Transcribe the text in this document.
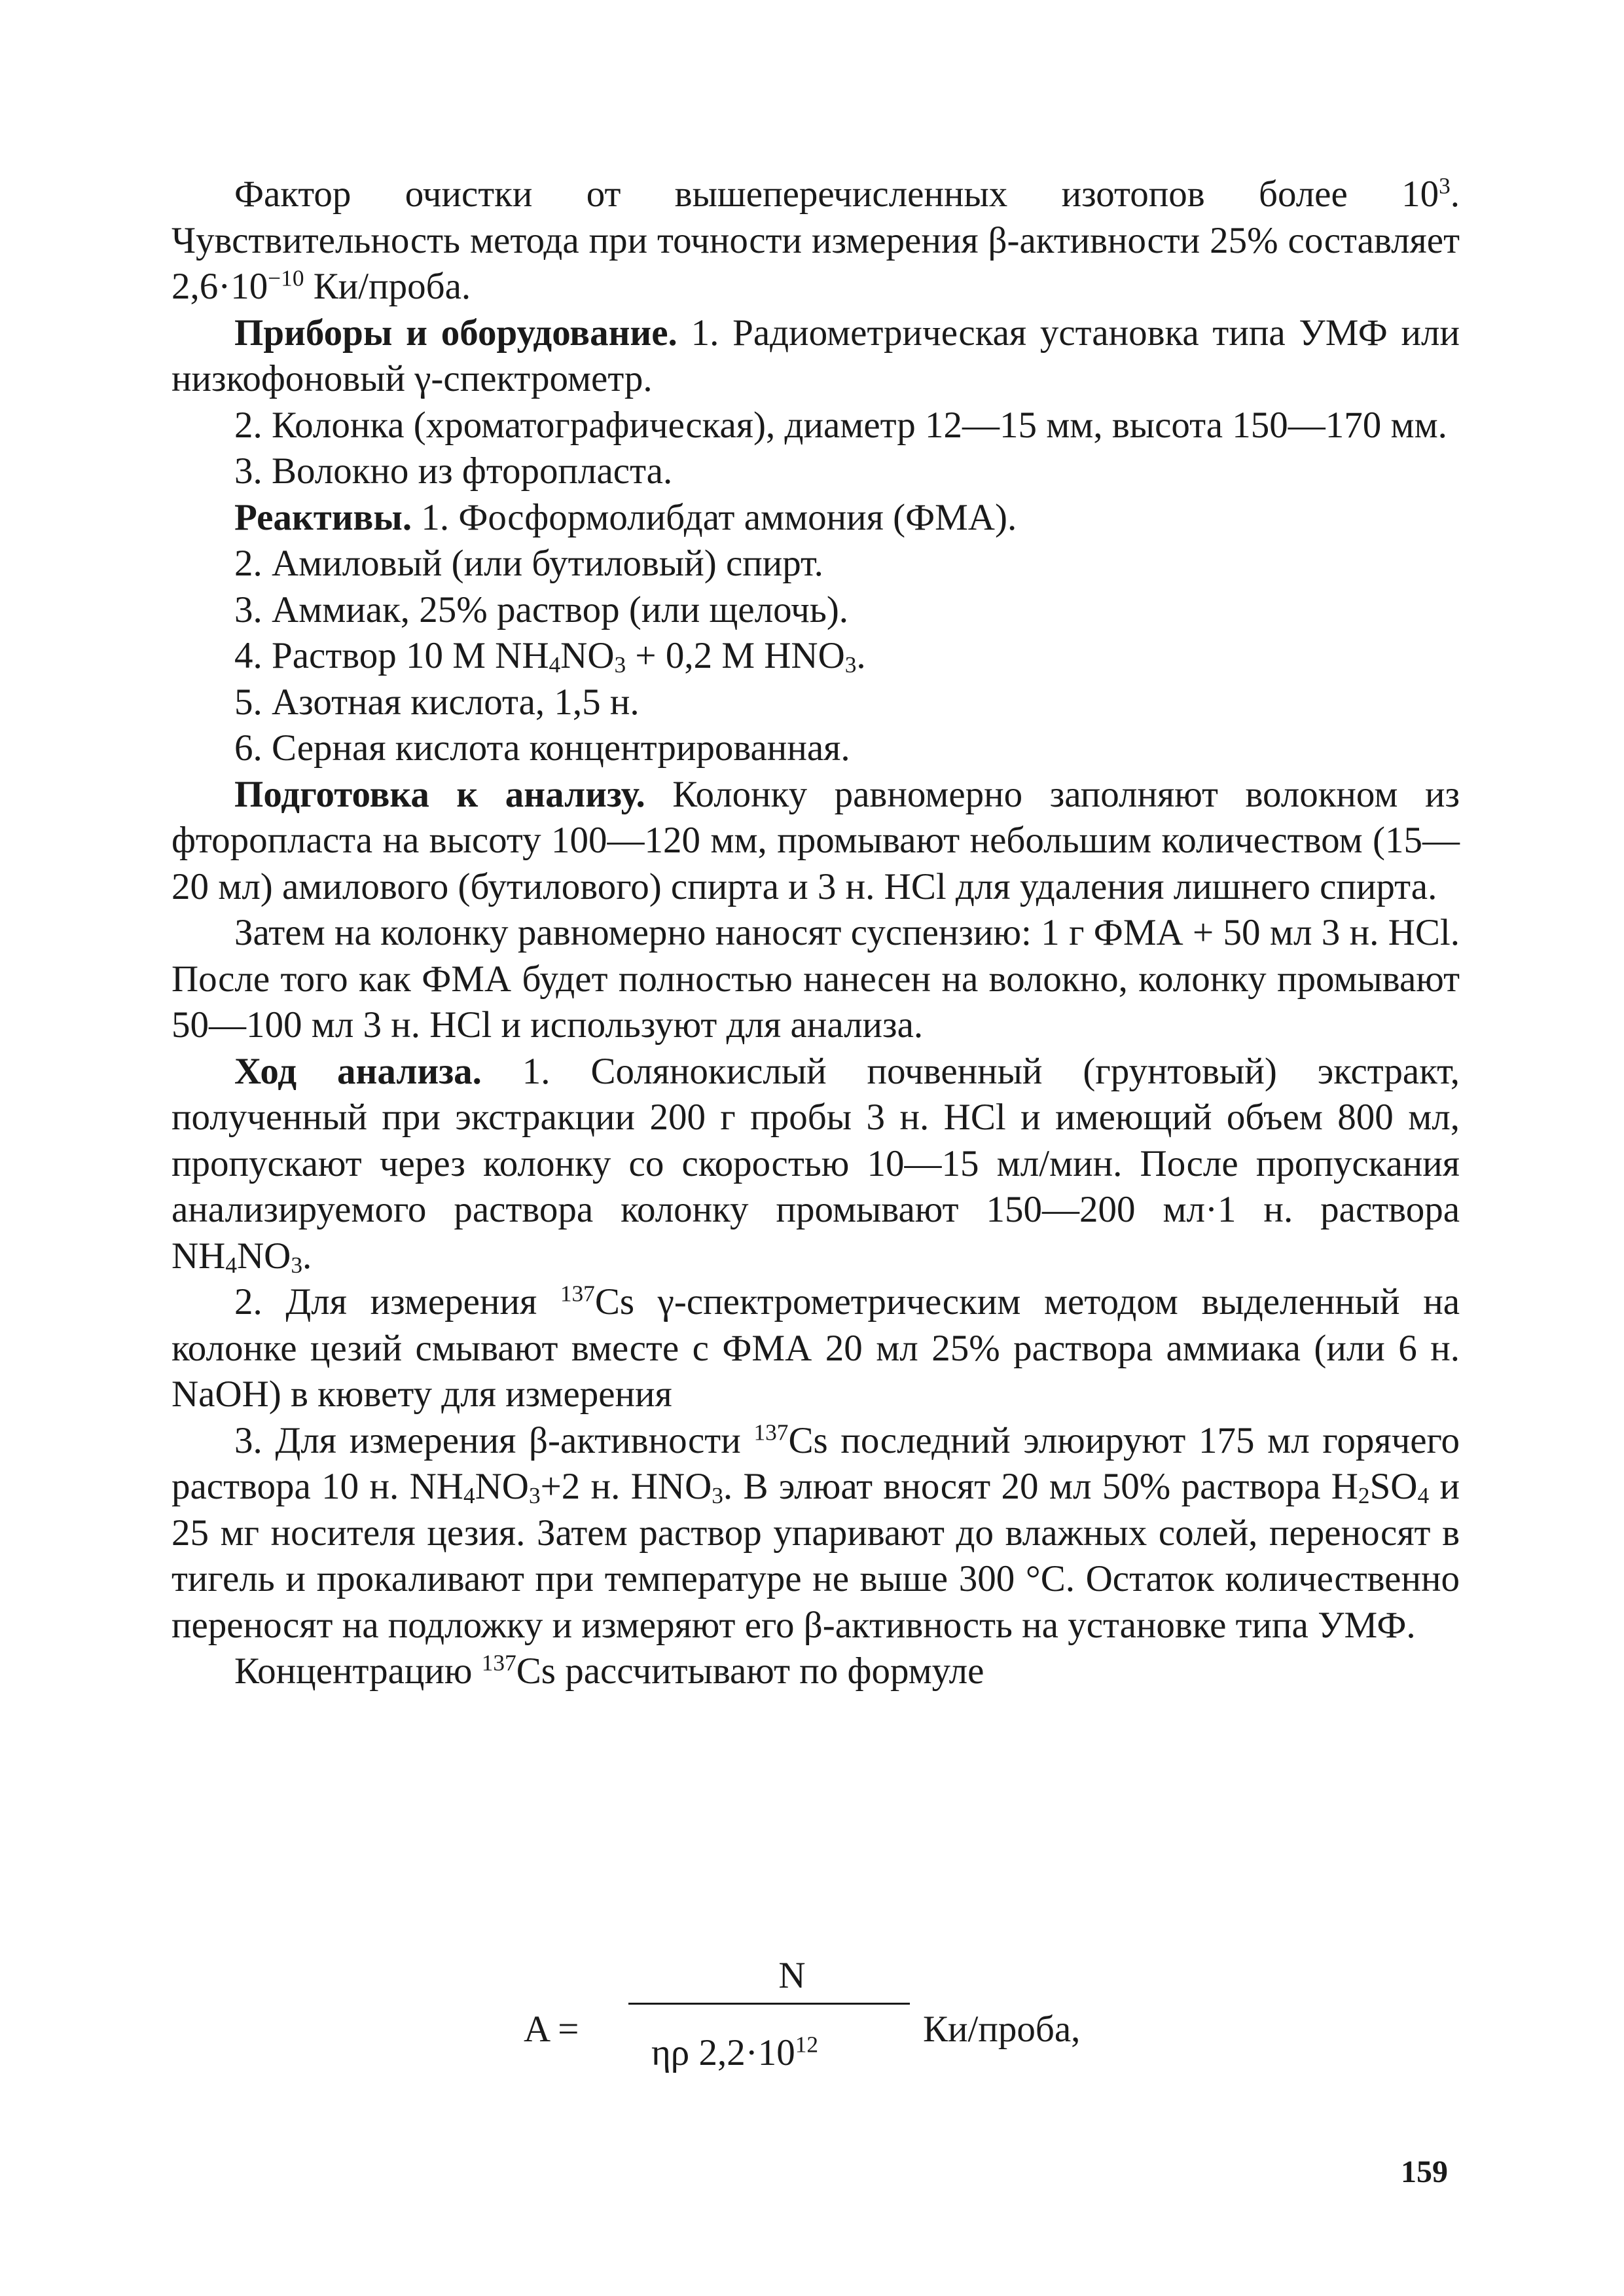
Фактор очистки от вышеперечисленных изотопов более $10^3$. Чувствительность метода при точности измерения β-активности 25% составляет $2,6\cdot 10^{-10}$ Ки/проба.

Приборы и оборудование. 1. Радиометрическая установка типа УМФ или низкофоновый γ-спектрометр.

2. Колонка (хроматографическая), диаметр 12—15 мм, высота 150—170 мм.

3. Волокно из фторопласта.

Реактивы. 1. Фосформолибдат аммония (ФМА).

2. Амиловый (или бутиловый) спирт.
3. Аммиак, 25% раствор (или щелочь).
4. Раствор 10 М $NH_4NO_3 + 0,2$ М $HNO_3$.
5. Азотная кислота, 1,5 н.
6. Серная кислота концентрированная.

Подготовка к анализу. Колонку равномерно заполняют волокном из фторопласта на высоту 100—120 мм, промывают небольшим количеством (15—20 мл) амилового (бутилового) спирта и 3 н. HCl для удаления лишнего спирта.

Затем на колонку равномерно наносят суспензию: 1 г ФМА + 50 мл 3 н. HCl. После того как ФМА будет полностью нанесен на волокно, колонку промывают 50—100 мл 3 н. HCl и используют для анализа.

Ход анализа. 1. Солянокислый почвенный (грунтовый) экстракт, полученный при экстракции 200 г пробы 3 н. HCl и имеющий объем 800 мл, пропускают через колонку со скоростью 10—15 мл/мин. После пропускания анализируемого раствора колонку промывают 150—200 мл·1 н. раствора $NH_4NO_3$.

2. Для измерения $^{137}$Cs γ-спектрометрическим методом выделенный на колонке цезий смывают вместе с ФМА 20 мл 25% раствора аммиака (или 6 н. NaOH) в кювету для измерения

3. Для измерения β-активности $^{137}$Cs последний элюируют 175 мл горячего раствора 10 н. $NH_4NO_3+2$ н. $HNO_3$. В элюат вносят 20 мл 50% раствора $H_2SO_4$ и 25 мг носителя цезия. Затем раствор упаривают до влажных солей, переносят в тигель и прокаливают при температуре не выше 300 °С. Остаток количественно переносят на подложку и измеряют его β-активность на установке типа УМФ.

Концентрацию $^{137}$Cs рассчитывают по формуле

A =
N
ηρ $2,2\cdot 10^{12}$	Ки/проба,
159
